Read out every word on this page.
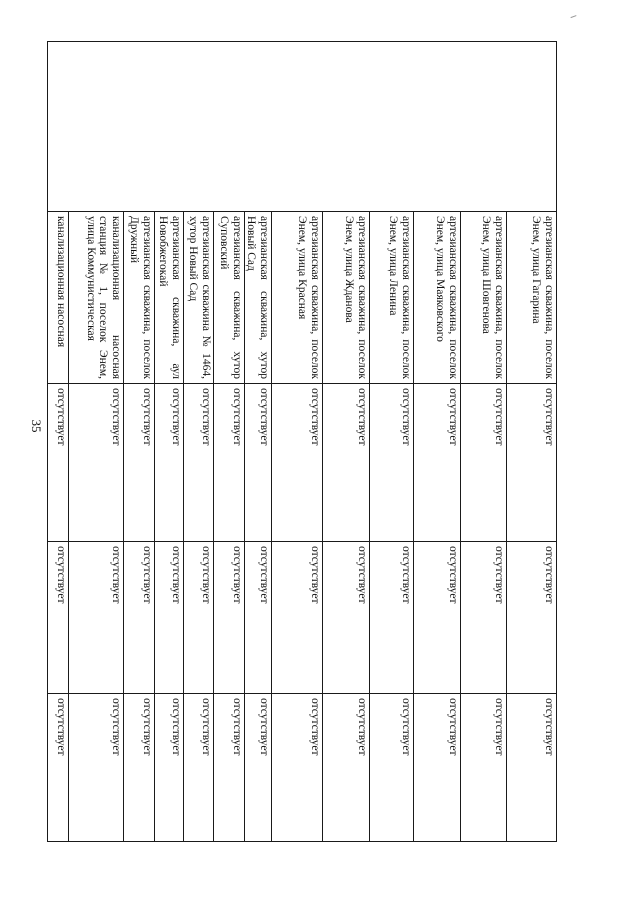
35
	артезианская скважина, поселок Энем, улица Гагарина	отсутствует	отсутствует	отсутствует
	артезианская скважина, поселок Энем, улица Шовгенова	отсутствует	отсутствует	отсутствует
	артезианская скважина, поселок Энем, улица Маяковского	отсутствует	отсутствует	отсутствует
	артезианская скважина, поселок Энем, улица Ленина	отсутствует	отсутствует	отсутствует
	артезианская скважина, поселок Энем, улица Жданова	отсутствует	отсутствует	отсутствует
	артезианская скважина, поселок Энем, улица Красная	отсутствует	отсутствует	отсутствует
	артезианская скважина, хутор Новый Сад	отсутствует	отсутствует	отсутствует
	артезианская скважина, хутор Суповский	отсутствует	отсутствует	отсутствует
	артезианская скважина № 1464, хутор Новый Сад	отсутствует	отсутствует	отсутствует
	артезианская скважина, аул Новобжегокай	отсутствует	отсутствует	отсутствует
	артезианская скважина, поселок Дружный	отсутствует	отсутствует	отсутствует
	канализационная насосная станция № 1, поселок Энем, улица Коммунистическая	отсутствует	отсутствует	отсутствует
	канализационная насосная	отсутствует	отсутствует	отсутствует
